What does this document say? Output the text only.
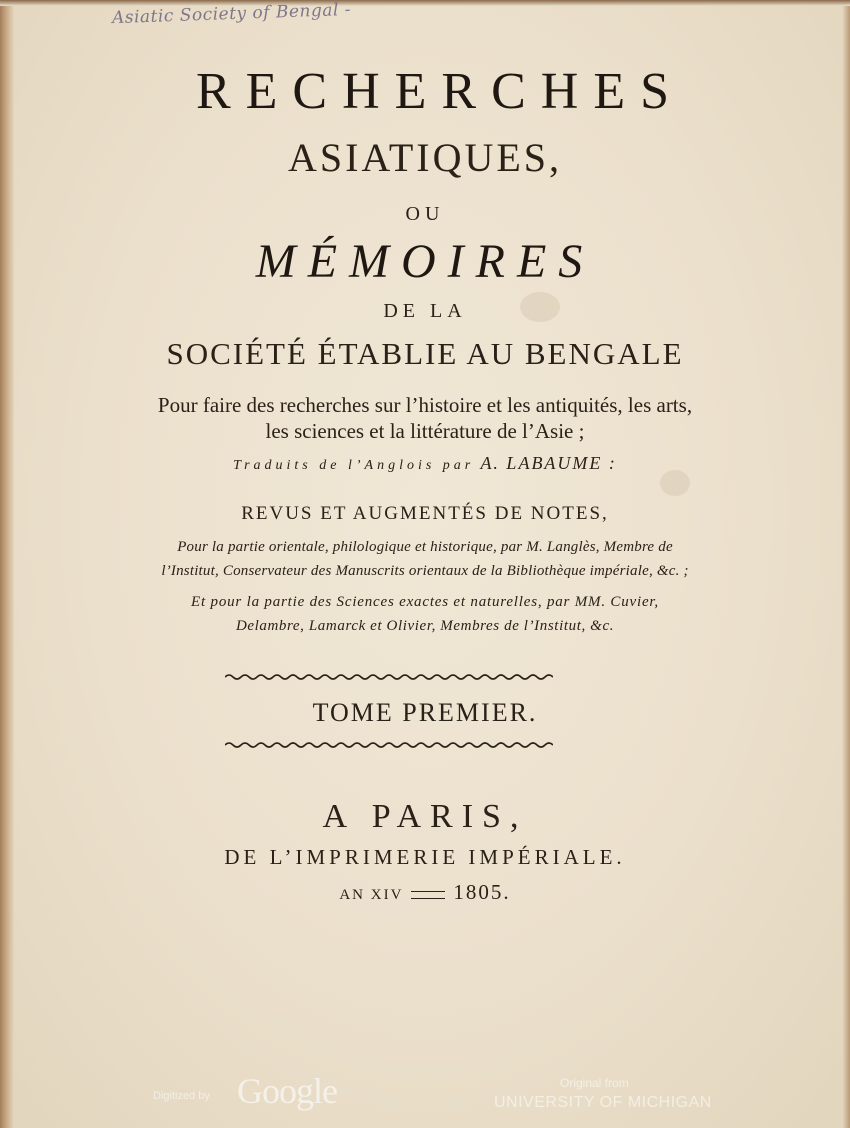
Asiatic Society of Bengal -
RECHERCHES
ASIATIQUES,
OU
MÉMOIRES
DE LA
SOCIÉTÉ ÉTABLIE AU BENGALE
Pour faire des recherches sur l’histoire et les antiquités, les arts,
les sciences et la littérature de l’Asie ;
Traduits de l’Anglois par A. LABAUME :
REVUS ET AUGMENTÉS DE NOTES,
Pour la partie orientale, philologique et historique, par M. Langlès, Membre de
l’Institut, Conservateur des Manuscrits orientaux de la Bibliothèque impériale, &c. ;
Et pour la partie des Sciences exactes et naturelles, par MM. Cuvier,
Delambre, Lamarck et Olivier, Membres de l’Institut, &c.
TOME PREMIER.
A PARIS,
DE L’IMPRIMERIE IMPÉRIALE.
AN XIV 1805.
Digitized by Google	Original from
UNIVERSITY OF MICHIGAN
